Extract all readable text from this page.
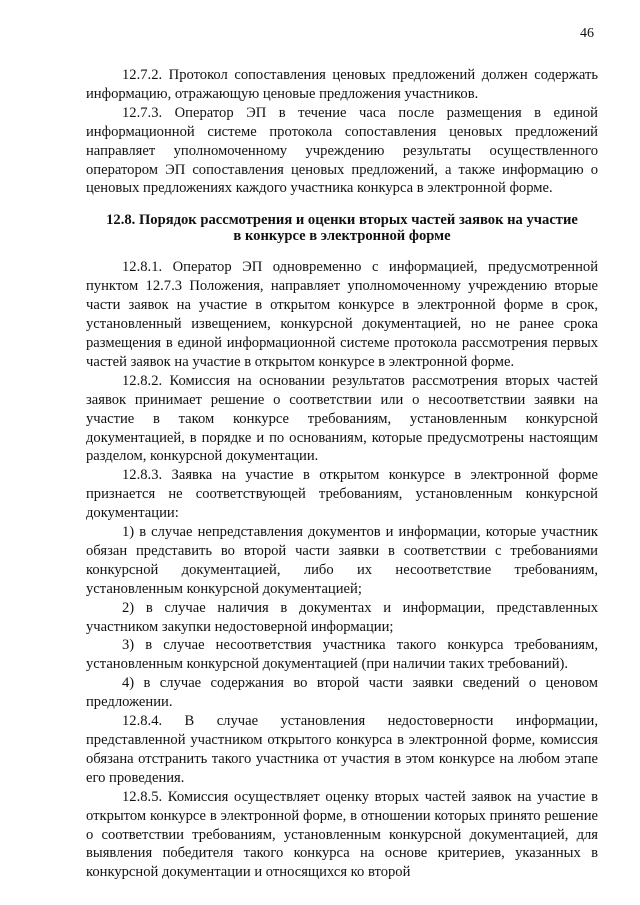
46

12.7.2. Протокол сопоставления ценовых предложений должен содержать информацию, отражающую ценовые предложения участников.

12.7.3. Оператор ЭП в течение часа после размещения в единой информационной системе протокола сопоставления ценовых предложений направляет уполномоченному учреждению результаты осуществленного оператором ЭП сопоставления ценовых предложений, а также информацию о ценовых предложениях каждого участника конкурса в электронной форме.

12.8. Порядок рассмотрения и оценки вторых частей заявок на участие
в конкурсе в электронной форме

12.8.1. Оператор ЭП одновременно с информацией, предусмотренной пунктом 12.7.3 Положения, направляет уполномоченному учреждению вторые части заявок на участие в открытом конкурсе в электронной форме в срок, установленный извещением, конкурсной документацией, но не ранее срока размещения в единой информационной системе протокола рассмотрения первых частей заявок на участие в открытом конкурсе в электронной форме.

12.8.2. Комиссия на основании результатов рассмотрения вторых частей заявок принимает решение о соответствии или о несоответствии заявки на участие в таком конкурсе требованиям, установленным конкурсной документацией, в порядке и по основаниям, которые предусмотрены настоящим разделом, конкурсной документации.

12.8.3. Заявка на участие в открытом конкурсе в электронной форме признается не соответствующей требованиям, установленным конкурсной документации:

1) в случае непредставления документов и информации, которые участник обязан представить во второй части заявки в соответствии с требованиями конкурсной документацией, либо их несоответствие требованиям, установленным конкурсной документацией;

2) в случае наличия в документах и информации, представленных участником закупки недостоверной информации;

3) в случае несоответствия участника такого конкурса требованиям, установленным конкурсной документацией (при наличии таких требований).

4) в случае содержания во второй части заявки сведений о ценовом предложении.

12.8.4. В случае установления недостоверности информации, представленной участником открытого конкурса в электронной форме, комиссия обязана отстранить такого участника от участия в этом конкурсе на любом этапе его проведения.

12.8.5. Комиссия осуществляет оценку вторых частей заявок на участие в открытом конкурсе в электронной форме, в отношении которых принято решение о соответствии требованиям, установленным конкурсной документацией, для выявления победителя такого конкурса на основе критериев, указанных в конкурсной документации и относящихся ко второй
